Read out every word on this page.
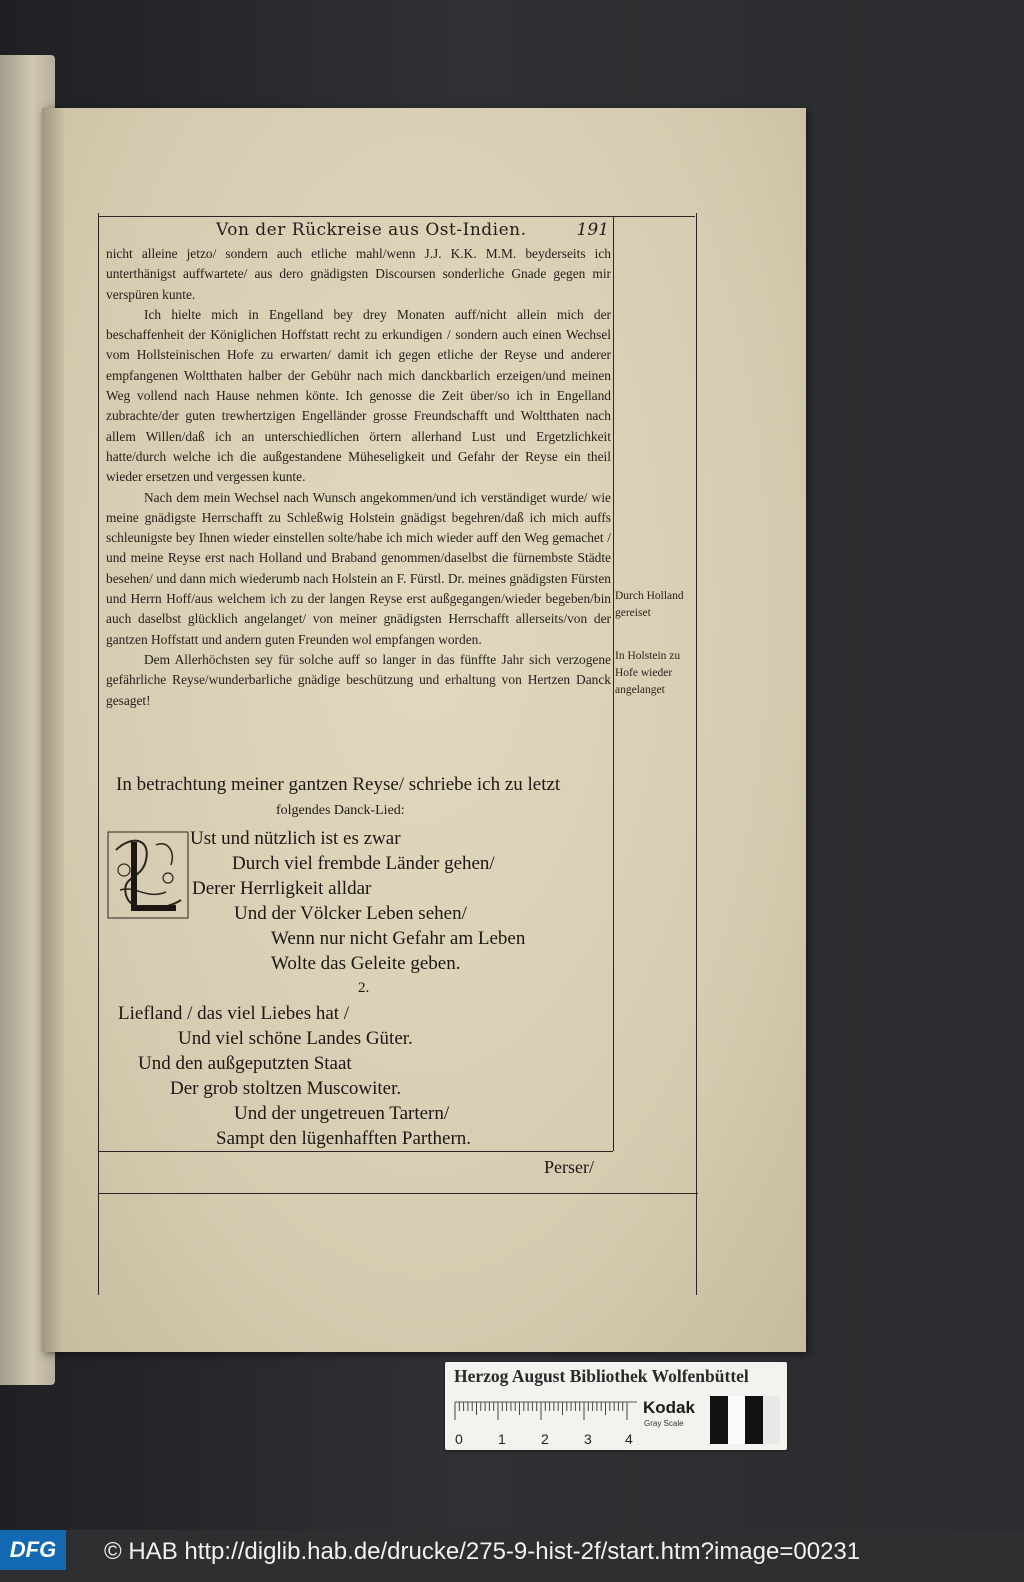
Von der Rückreise aus Ost-Indien.	191

nicht alleine jetzo/ sondern auch etliche mahl/wenn J.J. K.K. M.M. beyderseits ich unterthänigst auffwartete/ aus dero gnädigsten Discoursen sonderliche Gnade gegen mir verspüren kunte.

Ich hielte mich in Engelland bey drey Monaten auff/nicht allein mich der beschaffenheit der Königlichen Hoffstatt recht zu erkundigen / sondern auch einen Wechsel vom Hollsteinischen Hofe zu erwarten/ damit ich gegen etliche der Reyse und anderer empfangenen Woltthaten halber der Gebühr nach mich danckbarlich erzeigen/und meinen Weg vollend nach Hause nehmen könte. Ich genosse die Zeit über/so ich in Engelland zubrachte/der guten trewhertzigen Engelländer grosse Freundschafft und Woltthaten nach allem Willen/daß ich an unterschiedlichen örtern allerhand Lust und Ergetzlichkeit hatte/durch welche ich die außgestandene Müheseligkeit und Gefahr der Reyse ein theil wieder ersetzen und vergessen kunte.

Nach dem mein Wechsel nach Wunsch angekommen/und ich verständiget wurde/ wie meine gnädigste Herrschafft zu Schleßwig Holstein gnädigst begehren/daß ich mich auffs schleunigste bey Ihnen wieder einstellen solte/habe ich mich wieder auff den Weg gemachet / und meine Reyse erst nach Holland und Braband genommen/daselbst die fürnembste Städte besehen/ und dann mich wiederumb nach Holstein an F. Fürstl. Dr. meines gnädigsten Fürsten und Herrn Hoff/aus welchem ich zu der langen Reyse erst außgegangen/wieder begeben/bin auch daselbst glücklich angelanget/ von meiner gnädigsten Herrschafft allerseits/von der gantzen Hoffstatt und andern guten Freunden wol empfangen worden.

Dem Allerhöchsten sey für solche auff so langer in das fünffte Jahr sich verzogene gefährliche Reyse/wunderbarliche gnädige beschützung und erhaltung von Hertzen Danck gesaget!

Durch Holland gereiset
In Holstein zu Hofe wieder angelanget
In betrachtung meiner gantzen Reyse/ schriebe ich zu letzt
folgendes Danck-Lied:
Ust und nützlich ist es zwar
Durch viel frembde Länder gehen/
Derer Herrligkeit alldar
Und der Völcker Leben sehen/
Wenn nur nicht Gefahr am Leben
Wolte das Geleite geben.
2.
Liefland / das viel Liebes hat /
Und viel schöne Landes Güter.
Und den außgeputzten Staat
Der grob stoltzen Muscowiter.
Und der ungetreuen Tartern/
Sampt den lügenhafften Parthern.
Perser/
Herzog August Bibliothek Wolfenbüttel
0	1	2	3 4
Kodak
Gray Scale
DFG	© HAB http://diglib.hab.de/drucke/275-9-hist-2f/start.htm?image=00231
